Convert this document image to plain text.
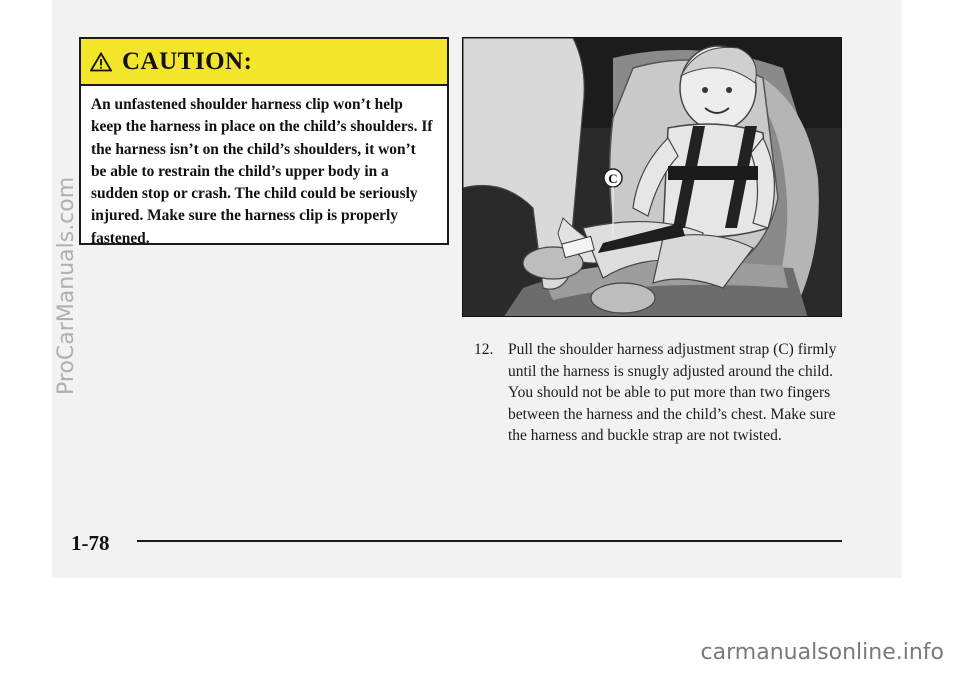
CAUTION:
An unfastened shoulder harness clip won’t help keep the harness in place on the child’s shoulders. If the harness isn’t on the child’s shoulders, it won’t be able to restrain the child’s upper body in a sudden stop or crash. The child could be seriously injured. Make sure the harness clip is properly fastened.
C
12. Pull the shoulder harness adjustment strap (C) firmly until the harness is snugly adjusted around the child. You should not be able to put more than two fingers between the harness and the child’s chest. Make sure the harness and buckle strap are not twisted.
1-78
ProCarManuals.com
carmanualsonline.info
